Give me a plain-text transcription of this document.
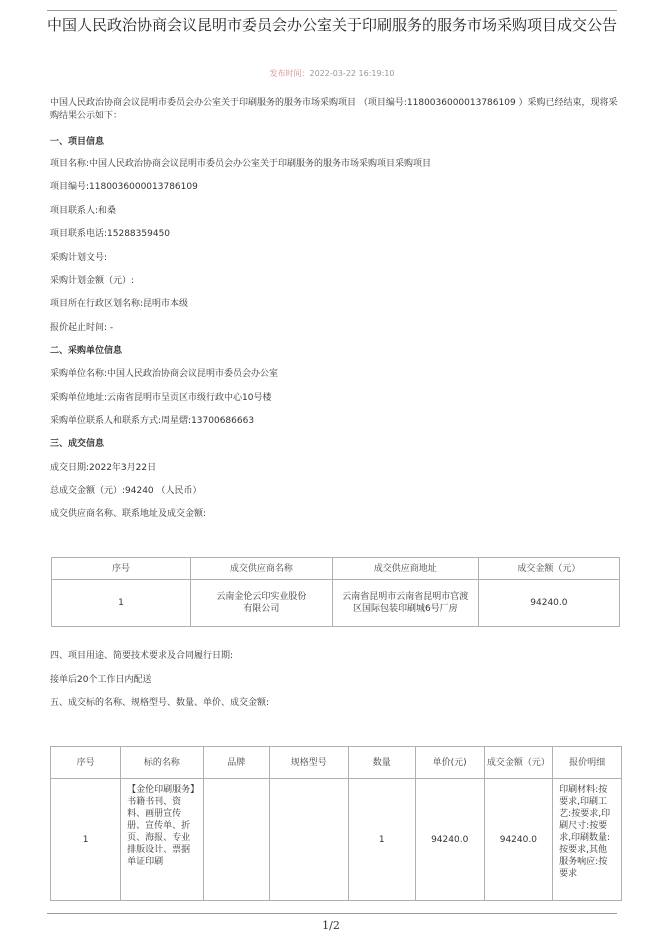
中国人民政治协商会议昆明市委员会办公室关于印刷服务的服务市场采购项目成交公告
发布时间：2022-03-22 16:19:10
中国人民政治协商会议昆明市委员会办公室关于印刷服务的服务市场采购项目 （项目编号:1180036000013786109 ）采购已经结束，现将采购结果公示如下：
一、项目信息
项目名称:中国人民政治协商会议昆明市委员会办公室关于印刷服务的服务市场采购项目采购项目
项目编号:1180036000013786109
项目联系人:和桑
项目联系电话:15288359450
采购计划文号:
采购计划金额（元）:
项目所在行政区划名称:昆明市本级
报价起止时间: -
二、采购单位信息
采购单位名称:中国人民政治协商会议昆明市委员会办公室
采购单位地址:云南省昆明市呈贡区市级行政中心10号楼
采购单位联系人和联系方式:周星熠:13700686663
三、成交信息
成交日期:2022年3月22日
总成交金额（元）:94240 （人民币）
成交供应商名称、联系地址及成交金额:
序号	成交供应商名称	成交供应商地址	成交金额（元）
1	云南金伦云印实业股份有限公司	云南省昆明市云南省昆明市官渡区国际包装印刷城6号厂房	94240.0
四、项目用途、简要技术要求及合同履行日期:
接单后20个工作日内配送
五、成交标的名称、规格型号、数量、单价、成交金额:
序号	标的名称	品牌	规格型号	数量	单价(元)	成交金额（元）	报价明细
1	【金伦印刷服务】书籍书刊、资料、画册宣传册、宣传单、折页、海报、专业排版设计、票据单证印刷			1	94240.0	94240.0	印刷材料:按要求,印刷工艺:按要求,印刷尺寸:按要求,印刷数量:按要求,其他服务响应:按要求
1/2
